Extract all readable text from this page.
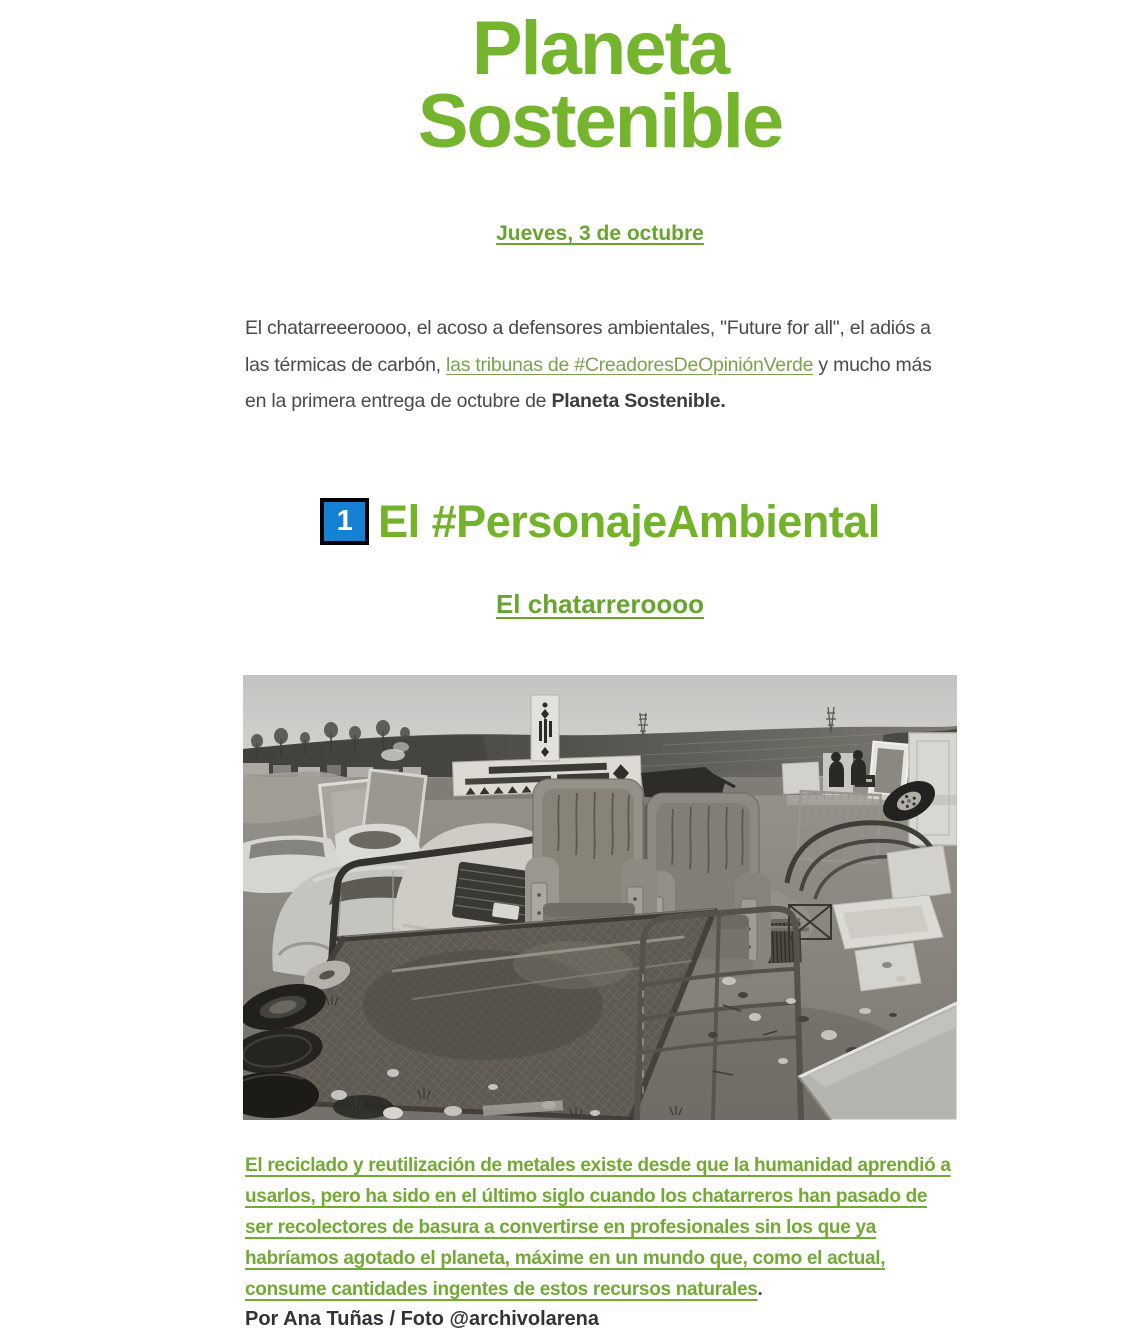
Planeta
Sostenible
Jueves, 3 de octubre

El chatarreeeroooo, el acoso a defensores ambientales, "Future for all", el adiós a las térmicas de carbón, las tribunas de #CreadoresDeOpiniónVerde y mucho más en la primera entrega de octubre de Planeta Sostenible.

1 El #PersonajeAmbiental
El chatarreroooo

El reciclado y reutilización de metales existe desde que la humanidad aprendió a usarlos, pero ha sido en el último siglo cuando los chatarreros han pasado de ser recolectores de basura a convertirse en profesionales sin los que ya habríamos agotado el planeta, máxime en un mundo que, como el actual, consume cantidades ingentes de estos recursos naturales.

Por Ana Tuñas / Foto @archivolarena
